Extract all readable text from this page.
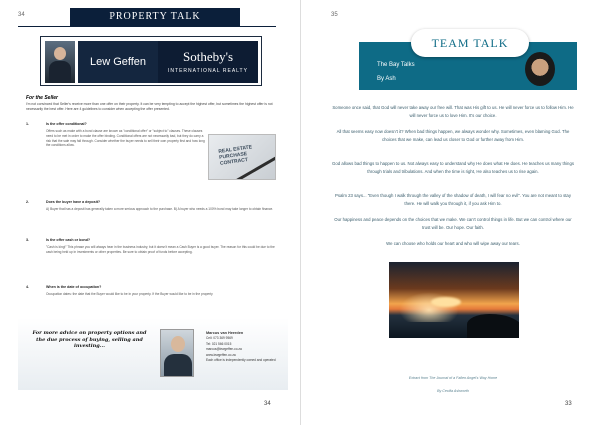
34	PROPERTY TALK
Lew Geffen	Sotheby's
INTERNATIONAL REALTY
For the Seller
I'm not convinced that Seller's receive more than one offer on their property. It can be very tempting to accept the highest offer, but sometimes the highest offer is not necessarily the best offer. Here are 4 guidelines to consider when accepting the offer presented.
1.	Is the offer conditional?
Offers such as make with a bond clause are known as "conditional offer" or "subject to" clauses. These clauses need to be met in order to make the offer binding. Conditional offers are not necessarily bad, but they do carry a risk that the sale may fall through. Consider whether the buyer needs to sell their own property first and how long the conditions allow.	REAL ESTATE PURCHASE CONTRACT
2.	Does the buyer have a deposit?
A) Buyer that has a deposit has generally taken a more serious approach to the purchase. B) A buyer who needs a 100% bond may take longer to obtain finance.
3.	Is the offer cash or bond?
"Cash is king!" This phrase you will always hear in the business industry, but it doesn't mean a Cash Buyer is a good buyer. The reason for this could be due to the cash being held up in investments or other properties. Be sure to obtain proof of funds before accepting.
4.	When is the date of occupation?
Occupation dates: the date that the Buyer would like to be in your property. If the Buyer would like to be in the property
For more advice on property options and the due process of buying, selling and investing...
Marcus van Heerden
Cell: 073 369 9569
Tel: 021 566 0015
marcus@lewgeffen.co.za
www.lewgeffen.co.za
Each office is independently owned and operated
34
35
TEAM TALK
The Bay Talks
By Ash
Someone once said, that God will never take away our free will. That was His gift to us. He will never force us to follow Him. He will never force us to love Him. It's our choice.
All that seems easy now doesn't it? When bad things happen, we always wonder why. Sometimes, even blaming God. The choices that we make, can lead us closer to God or further away from Him.
God allows bad things to happen to us. Not always easy to understand why He does what He does. He teaches us many things through trials and tribulations. And when the time is right, He also teaches us to rise again.
Psalm 23 says... "Even though I walk through the valley of the shadow of death, I will fear no evil". You are not meant to stay there. He will walk you through it, if you ask Him to.
Our happiness and peace depends on the choices that we make. We can't control things in life. But we can control where our trust will be. Our hope. Our faith.
We can choose who holds our heart and who will wipe away our tears.
Extract from The Journal of a Fallen Angel's Way Home
By Cecilia Ashworth
33
